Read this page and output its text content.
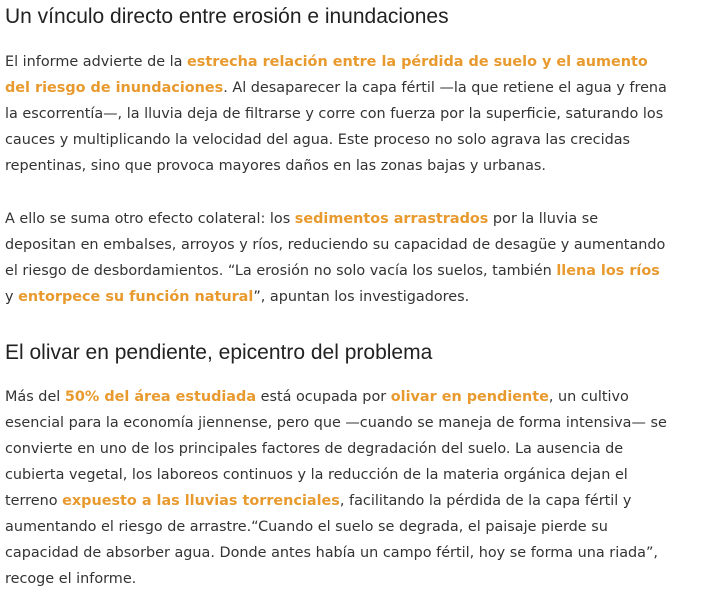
Un vínculo directo entre erosión e inundaciones

El informe advierte de la estrecha relación entre la pérdida de suelo y el aumento

del riesgo de inundaciones. Al desaparecer la capa fértil —la que retiene el agua y frena

la escorrentía—, la lluvia deja de filtrarse y corre con fuerza por la superficie, saturando los

cauces y multiplicando la velocidad del agua. Este proceso no solo agrava las crecidas

repentinas, sino que provoca mayores daños en las zonas bajas y urbanas.

A ello se suma otro efecto colateral: los sedimentos arrastrados por la lluvia se

depositan en embalses, arroyos y ríos, reduciendo su capacidad de desagüe y aumentando

el riesgo de desbordamientos. “La erosión no solo vacía los suelos, también llena los ríos

y entorpece su función natural”, apuntan los investigadores.

El olivar en pendiente, epicentro del problema

Más del 50% del área estudiada está ocupada por olivar en pendiente, un cultivo

esencial para la economía jiennense, pero que —cuando se maneja de forma intensiva— se

convierte en uno de los principales factores de degradación del suelo. La ausencia de

cubierta vegetal, los laboreos continuos y la reducción de la materia orgánica dejan el

terreno expuesto a las lluvias torrenciales, facilitando la pérdida de la capa fértil y

aumentando el riesgo de arrastre.“Cuando el suelo se degrada, el paisaje pierde su

capacidad de absorber agua. Donde antes había un campo fértil, hoy se forma una riada”,

recoge el informe.
